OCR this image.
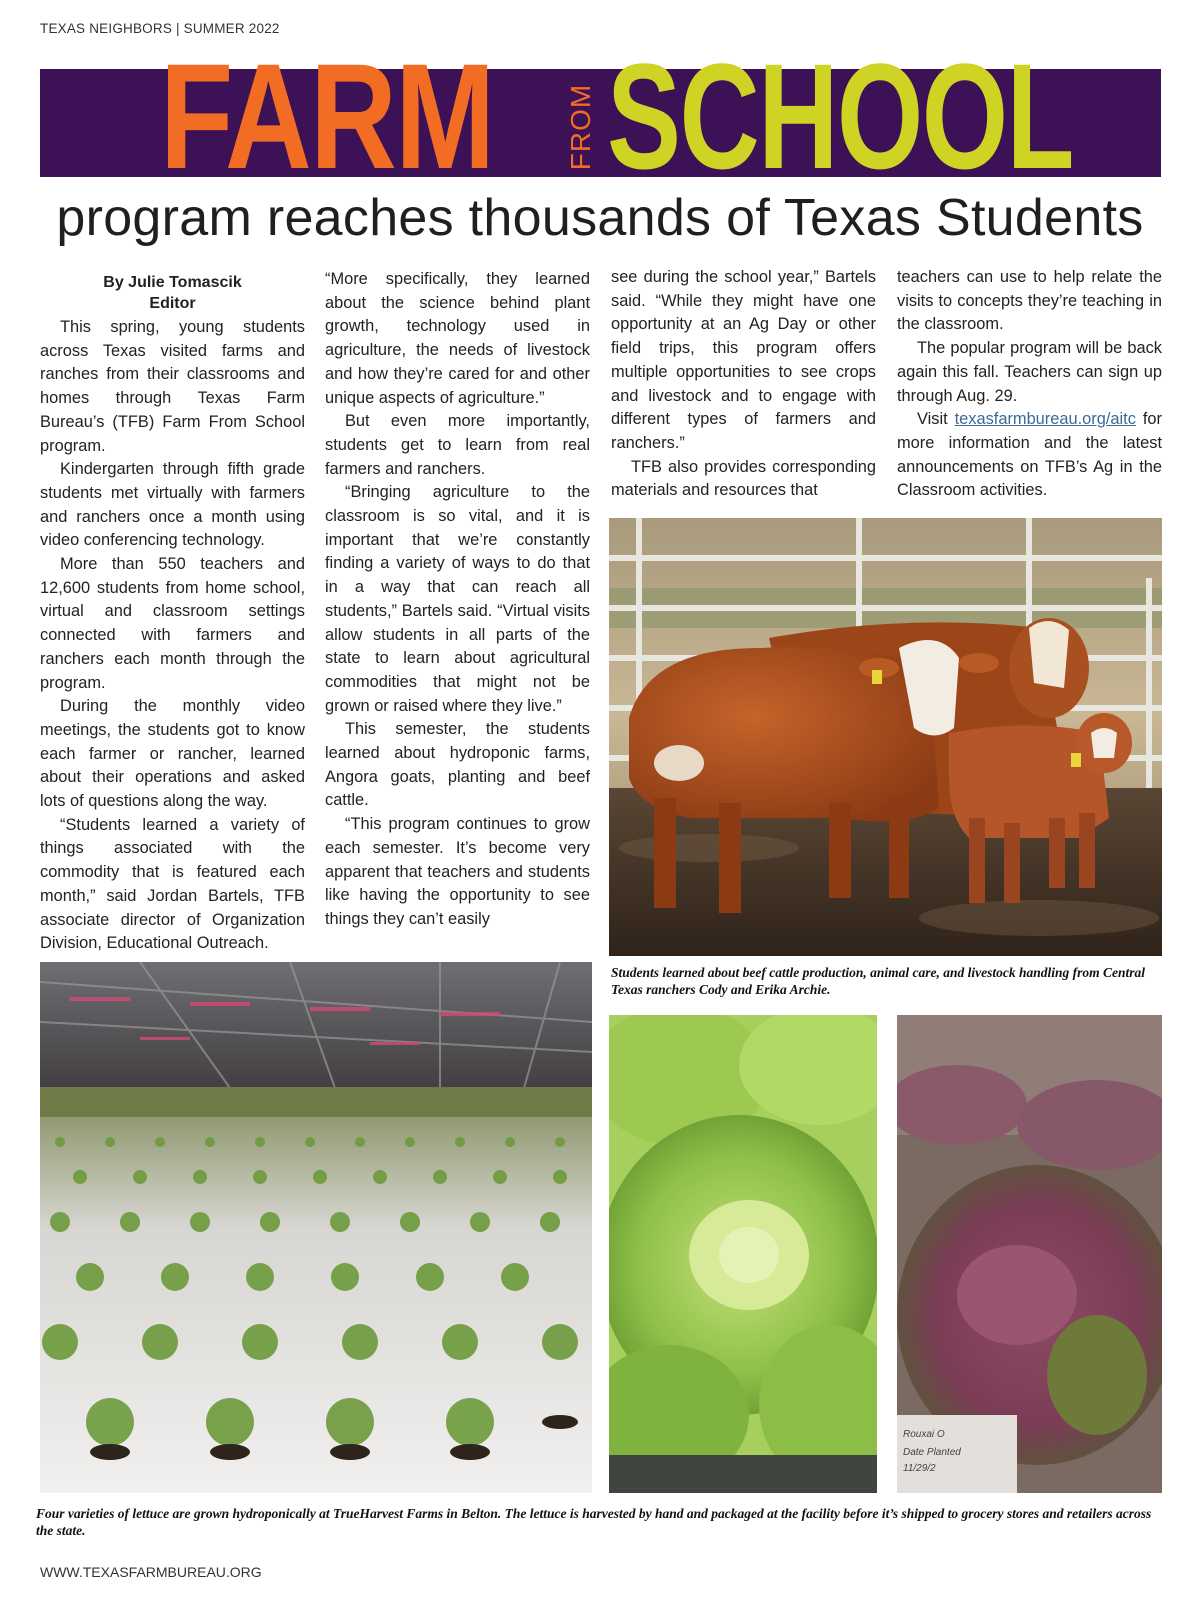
TEXAS NEIGHBORS | SUMMER 2022
FARM	FROM SCHOOL
program reaches thousands of Texas Students
By Julie Tomascik
Editor

This spring, young students across Texas visited farms and ranches from their classrooms and homes through Texas Farm Bureau’s (TFB) Farm From School program.

Kindergarten through fifth grade students met virtually with farmers and ranchers once a month using video conferencing technology.

More than 550 teachers and 12,600 students from home school, virtual and classroom settings connected with farmers and ranchers each month through the program.

During the monthly video meetings, the students got to know each farmer or rancher, learned about their operations and asked lots of questions along the way.

“Students learned a variety of things associated with the commodity that is featured each month,” said Jordan Bartels, TFB associate director of Organization Division, Educational Outreach.

“More specifically, they learned about the science behind plant growth, technology used in agriculture, the needs of livestock and how they’re cared for and other unique aspects of agriculture.”

But even more importantly, students get to learn from real farmers and ranchers.

“Bringing agriculture to the classroom is so vital, and it is important that we’re constantly finding a variety of ways to do that in a way that can reach all students,” Bartels said. “Virtual visits allow students in all parts of the state to learn about agricultural commodities that might not be grown or raised where they live.”

This semester, the students learned about hydroponic farms, Angora goats, planting and beef cattle.

“This program continues to grow each semester. It’s become very apparent that teachers and students like having the opportunity to see things they can’t easily

see during the school year,” Bartels said. “While they might have one opportunity at an Ag Day or other field trips, this program offers multiple opportunities to see crops and livestock and to engage with different types of farmers and ranchers.”

TFB also provides corresponding materials and resources that

teachers can use to help relate the visits to concepts they’re teaching in the classroom.

The popular program will be back again this fall. Teachers can sign up through Aug. 29.

Visit texasfarmbureau.org/aitc for more information and the latest announcements on TFB’s Ag in the Classroom activities.

Students learned about beef cattle production, animal care, and livestock handling from Central Texas ranchers Cody and Erika Archie.
Rouxai O
Date Planted
11/29/2
Four varieties of lettuce are grown hydroponically at TrueHarvest Farms in Belton. The lettuce is harvested by hand and packaged at the facility before it’s shipped to grocery stores and retailers across the state.
WWW.TEXASFARMBUREAU.ORG
